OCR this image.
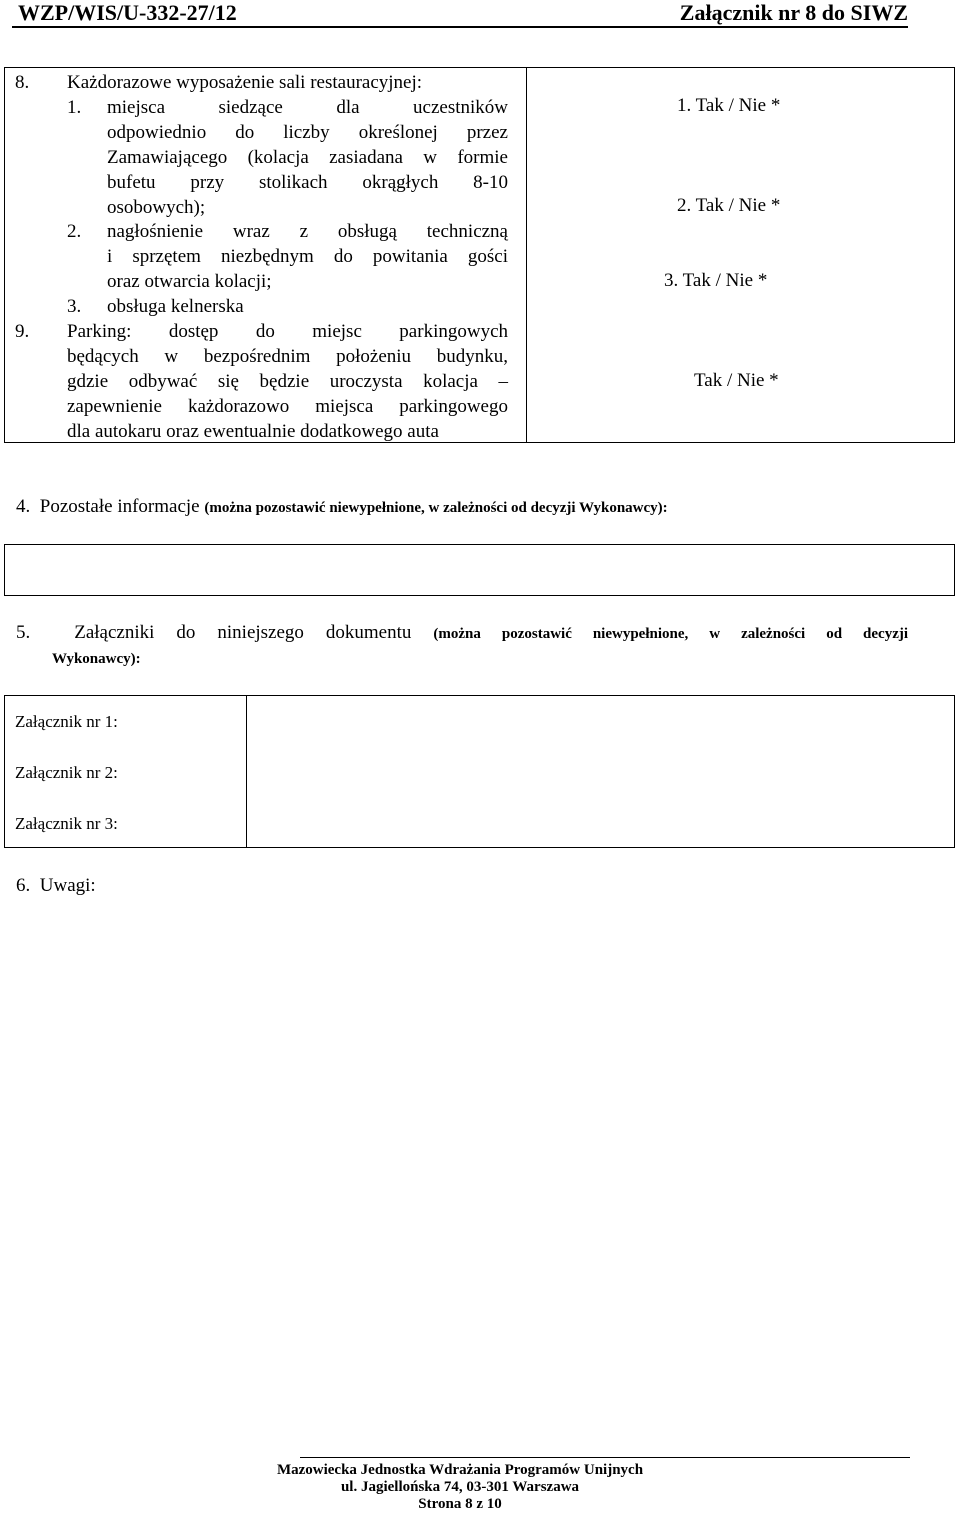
WZP/WIS/U-332-27/12	Załącznik nr 8 do SIWZ
8. Każdorazowe wyposażenie sali restauracyjnej:
1. miejsca siedzące dla uczestników
odpowiednio do liczby określonej przez
Zamawiającego (kolacja zasiadana w formie
bufetu przy stolikach okrągłych 8-10
osobowych);
2. nagłośnienie wraz z obsługą techniczną
i sprzętem niezbędnym do powitania gości
oraz otwarcia kolacji;
3. obsługa kelnerska
9. Parking: dostęp do miejsc parkingowych
będących w bezpośrednim położeniu budynku,
gdzie odbywać się będzie uroczysta kolacja –
zapewnienie każdorazowo miejsca parkingowego
dla autokaru oraz ewentualnie dodatkowego auta
1. Tak / Nie *
2. Tak / Nie *
3. Tak / Nie *
Tak / Nie *
4. Pozostałe informacje (można pozostawić niewypełnione, w zależności od decyzji Wykonawcy):
5. Załączniki do niniejszego dokumentu (można pozostawić niewypełnione, w zależności od decyzji
Wykonawcy):
Załącznik nr 1:
Załącznik nr 2:
Załącznik nr 3:
6. Uwagi:
Mazowiecka Jednostka Wdrażania Programów Unijnych
ul. Jagiellońska 74, 03-301 Warszawa
Strona 8 z 10
